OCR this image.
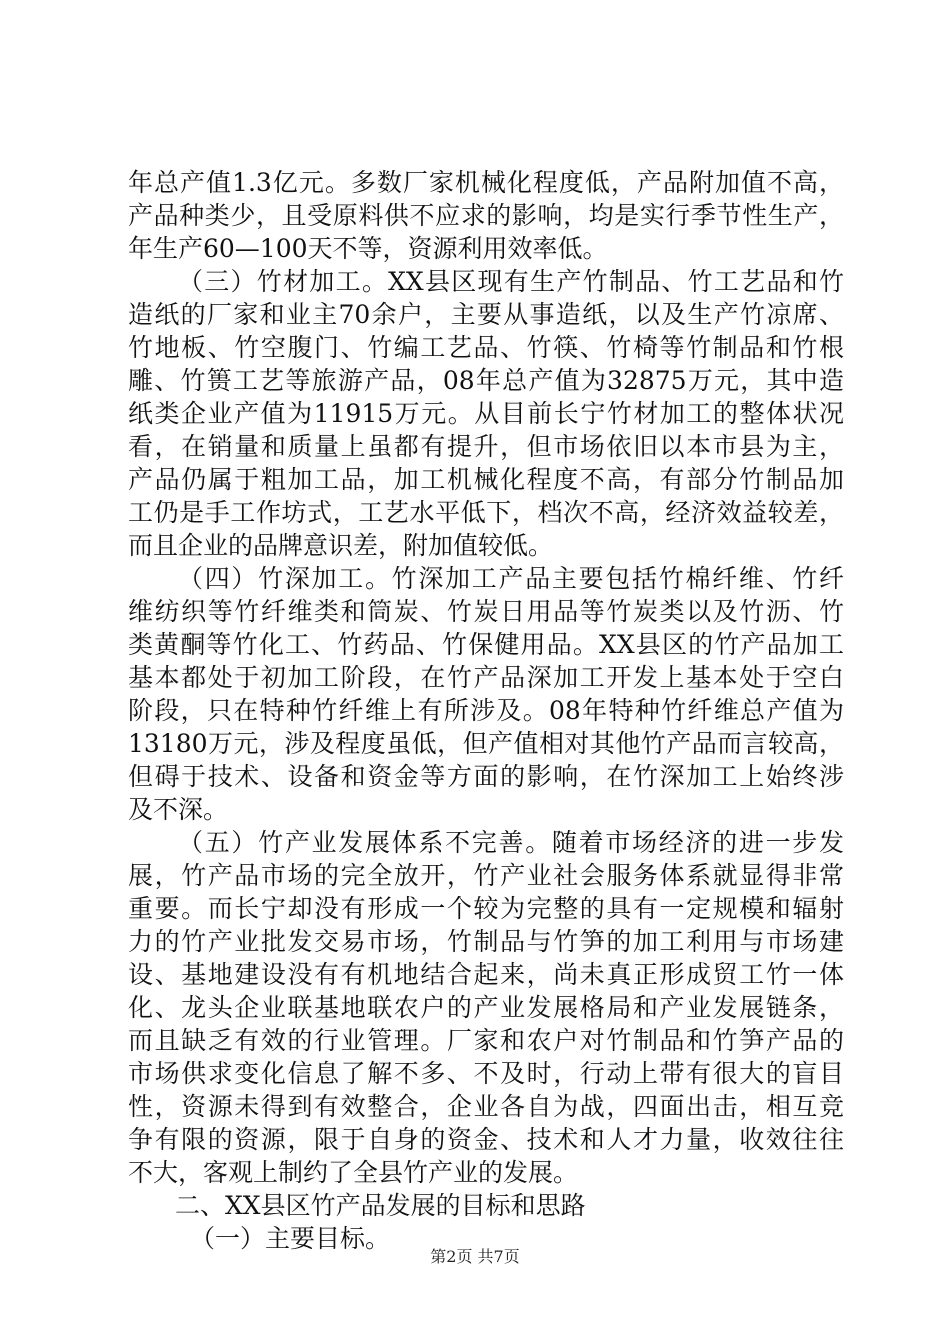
年总产值1.3亿元。多数厂家机械化程度低，产品附加值不高，
产品种类少，且受原料供不应求的影响，均是实行季节性生产，
年生产60—100天不等，资源利用效率低。
（三）竹材加工。XX县区现有生产竹制品、竹工艺品和竹
造纸的厂家和业主70余户，主要从事造纸，以及生产竹凉席、
竹地板、竹空腹门、竹编工艺品、竹筷、竹椅等竹制品和竹根
雕、竹篑工艺等旅游产品，08年总产值为32875万元，其中造
纸类企业产值为11915万元。从目前长宁竹材加工的整体状况
看，在销量和质量上虽都有提升，但市场依旧以本市县为主，
产品仍属于粗加工品，加工机械化程度不高，有部分竹制品加
工仍是手工作坊式，工艺水平低下，档次不高，经济效益较差，
而且企业的品牌意识差，附加值较低。
（四）竹深加工。竹深加工产品主要包括竹棉纤维、竹纤
维纺织等竹纤维类和筒炭、竹炭日用品等竹炭类以及竹沥、竹
类黄酮等竹化工、竹药品、竹保健用品。XX县区的竹产品加工
基本都处于初加工阶段，在竹产品深加工开发上基本处于空白
阶段，只在特种竹纤维上有所涉及。08年特种竹纤维总产值为
13180万元，涉及程度虽低，但产值相对其他竹产品而言较高，
但碍于技术、设备和资金等方面的影响，在竹深加工上始终涉
及不深。
（五）竹产业发展体系不完善。随着市场经济的进一步发
展，竹产品市场的完全放开，竹产业社会服务体系就显得非常
重要。而长宁却没有形成一个较为完整的具有一定规模和辐射
力的竹产业批发交易市场，竹制品与竹笋的加工利用与市场建
设、基地建设没有有机地结合起来，尚未真正形成贸工竹一体
化、龙头企业联基地联农户的产业发展格局和产业发展链条，
而且缺乏有效的行业管理。厂家和农户对竹制品和竹笋产品的
市场供求变化信息了解不多、不及时，行动上带有很大的盲目
性，资源未得到有效整合，企业各自为战，四面出击，相互竞
争有限的资源，限于自身的资金、技术和人才力量，收效往往
不大，客观上制约了全县竹产业的发展。
二、XX县区竹产品发展的目标和思路
（一）主要目标。
第2页 共7页
